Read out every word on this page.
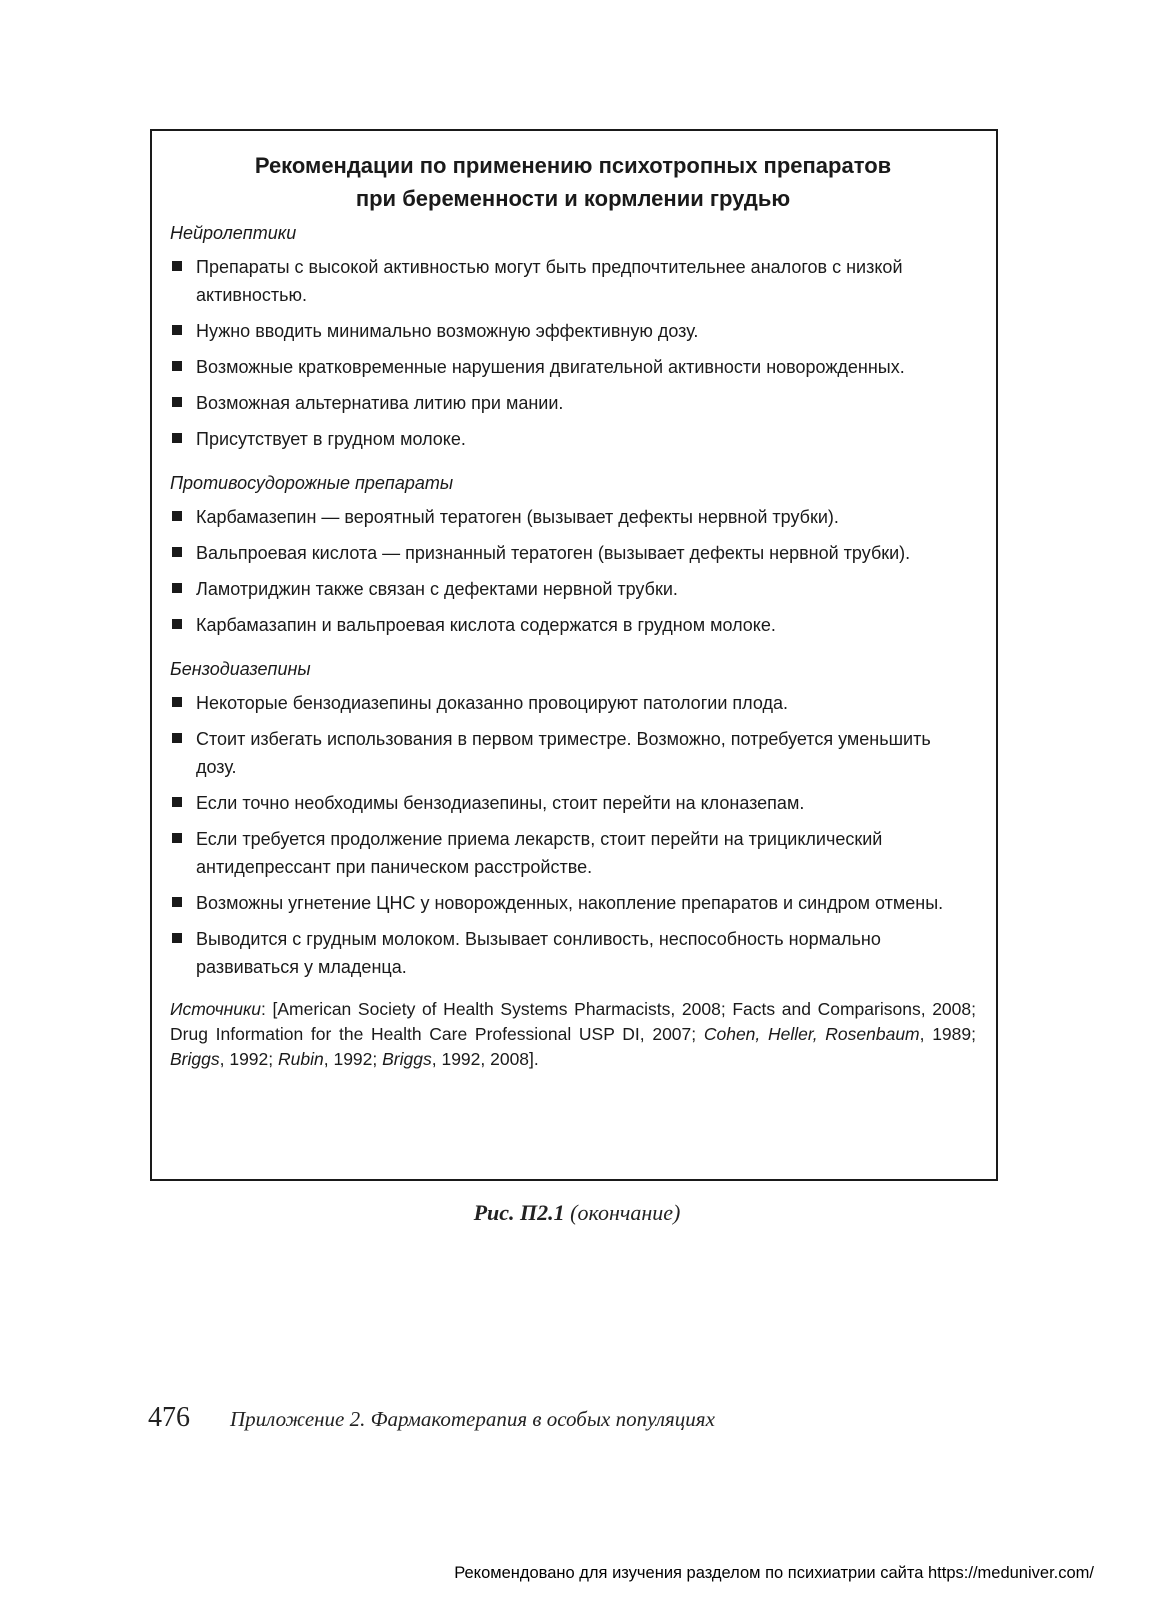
Рекомендации по применению психотропных препаратов
при беременности и кормлении грудью
Нейролептики
Препараты с высокой активностью могут быть предпочтительнее аналогов с низкой активностью.
Нужно вводить минимально возможную эффективную дозу.
Возможные кратковременные нарушения двигательной активности новорожденных.
Возможная альтернатива литию при мании.
Присутствует в грудном молоке.
Противосудорожные препараты
Карбамазепин — вероятный тератоген (вызывает дефекты нервной трубки).
Вальпроевая кислота — признанный тератоген (вызывает дефекты нервной трубки).
Ламотриджин также связан с дефектами нервной трубки.
Карбамазапин и вальпроевая кислота содержатся в грудном молоке.
Бензодиазепины
Некоторые бензодиазепины доказанно провоцируют патологии плода.
Стоит избегать использования в первом триместре. Возможно, потребуется уменьшить дозу.
Если точно необходимы бензодиазепины, стоит перейти на клоназепам.
Если требуется продолжение приема лекарств, стоит перейти на трициклический антидепрессант при паническом расстройстве.
Возможны угнетение ЦНС у новорожденных, накопление препаратов и синдром отмены.
Выводится с грудным молоком. Вызывает сонливость, неспособность нормально развиваться у младенца.
Источники: [American Society of Health Systems Pharmacists, 2008; Facts and Comparisons, 2008; Drug Information for the Health Care Professional USP DI, 2007; Cohen, Heller, Rosenbaum, 1989; Briggs, 1992; Rubin, 1992; Briggs, 1992, 2008].
Рис. П2.1 (окончание)
476 Приложение 2. Фармакотерапия в особых популяциях
Рекомендовано для изучения разделом по психиатрии сайта https://meduniver.com/
